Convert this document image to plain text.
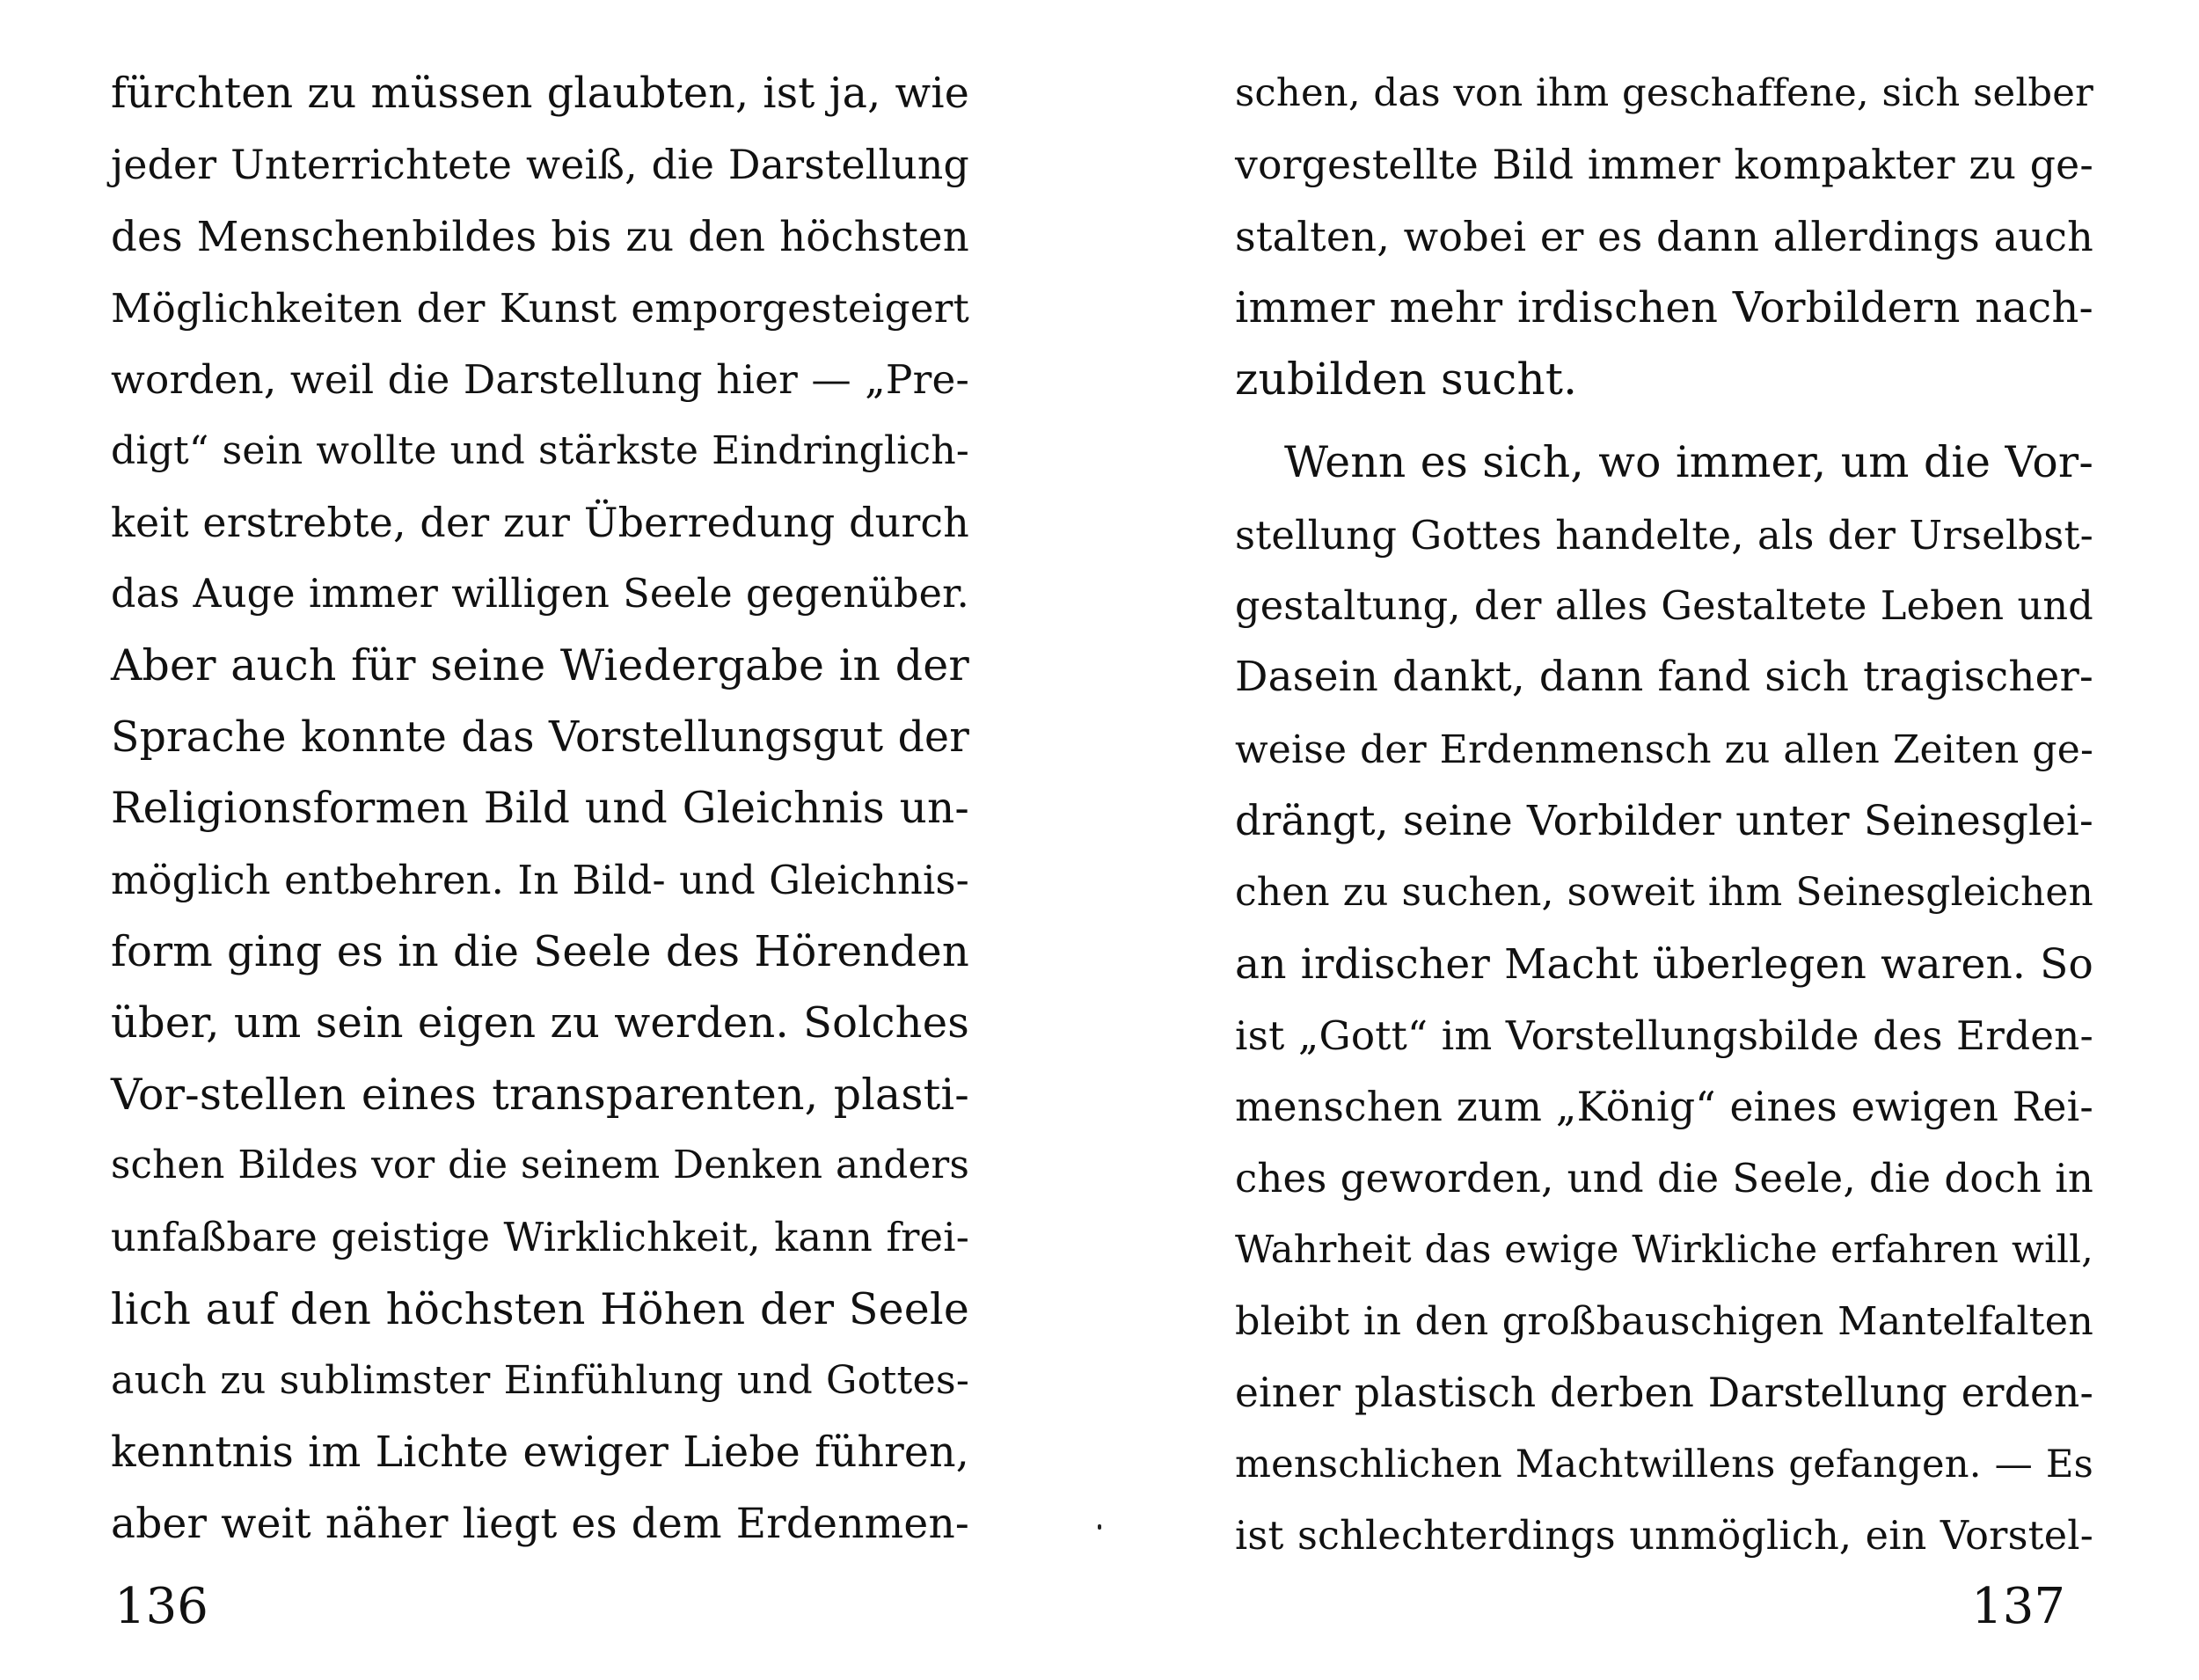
fürchten zu müssen glaubten, ist ja, wie
jeder Unterrichtete weiß, die Darstellung
des Menschenbildes bis zu den höchsten
Möglichkeiten der Kunst emporgesteigert
worden, weil die Darstellung hier — „Pre-
digt“ sein wollte und stärkste Eindringlich-
keit erstrebte, der zur Überredung durch
das Auge immer willigen Seele gegenüber.
Aber auch für seine Wiedergabe in der
Sprache konnte das Vorstellungsgut der
Religionsformen Bild und Gleichnis un-
möglich entbehren. In Bild- und Gleichnis-
form ging es in die Seele des Hörenden
über, um sein eigen zu werden. Solches
Vor-stellen eines transparenten, plasti-
schen Bildes vor die seinem Denken anders
unfaßbare geistige Wirklichkeit, kann frei-
lich auf den höchsten Höhen der Seele
auch zu sublimster Einfühlung und Gottes-
kenntnis im Lichte ewiger Liebe führen,
aber weit näher liegt es dem Erdenmen-
136
schen, das von ihm geschaffene, sich selber
vorgestellte Bild immer kompakter zu ge-
stalten, wobei er es dann allerdings auch
immer mehr irdischen Vorbildern nach-
zubilden sucht.
Wenn es sich, wo immer, um die Vor-
stellung Gottes handelte, als der Urselbst-
gestaltung, der alles Gestaltete Leben und
Dasein dankt, dann fand sich tragischer-
weise der Erdenmensch zu allen Zeiten ge-
drängt, seine Vorbilder unter Seinesglei-
chen zu suchen, soweit ihm Seinesgleichen
an irdischer Macht überlegen waren. So
ist „Gott“ im Vorstellungsbilde des Erden-
menschen zum „König“ eines ewigen Rei-
ches geworden, und die Seele, die doch in
Wahrheit das ewige Wirkliche erfahren will,
bleibt in den großbauschigen Mantelfalten
einer plastisch derben Darstellung erden-
menschlichen Machtwillens gefangen. — Es
ist schlechterdings unmöglich, ein Vorstel-
137
